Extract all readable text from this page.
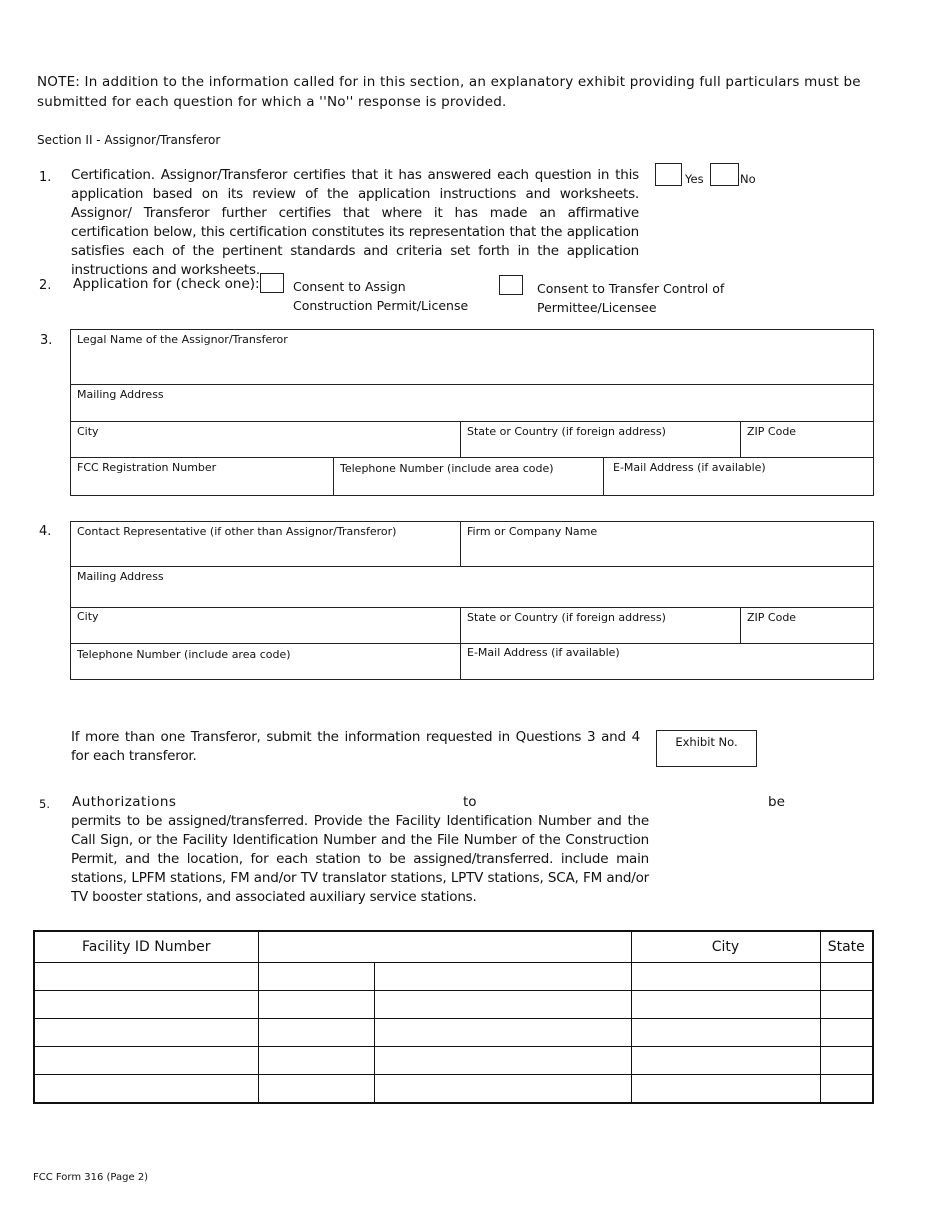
NOTE: In addition to the information called for in this section, an explanatory exhibit providing full particulars must be submitted for each question for which a ''No'' response is provided.
Section II - Assignor/Transferor
1. Certification. Assignor/Transferor certifies that it has answered each question in this application based on its review of the application instructions and worksheets. Assignor/ Transferor further certifies that where it has made an affirmative certification below, this certification constitutes its representation that the application satisfies each of the pertinent standards and criteria set forth in the application instructions and worksheets.
Yes	No
2. Application for (check one):	Consent to Assign
Construction Permit/License
Consent to Transfer Control of
Permittee/Licensee
3. Legal Name of the Assignor/Transferor
Mailing Address
City	State or Country (if foreign address)	ZIP Code
FCC Registration Number	Telephone Number (include area code)	E-Mail Address (if available)
4. Contact Representative (if other than Assignor/Transferor)	Firm or Company Name
Mailing Address
City	State or Country (if foreign address)	ZIP Code
Telephone Number (include area code)	E-Mail Address (if available)
If more than one Transferor, submit the information requested in Questions 3 and 4 for each transferor.
Exhibit No.
5. Authorizations	to	be
permits to be assigned/transferred. Provide the Facility Identification Number and the Call Sign, or the Facility Identification Number and the File Number of the Construction Permit, and the location, for each station to be assigned/transferred. include main stations, LPFM stations, FM and/or TV translator stations, LPTV stations, SCA, FM and/or TV booster stations, and associated auxiliary service stations.
Facility ID Number			City	State

FCC Form 316 (Page 2)
